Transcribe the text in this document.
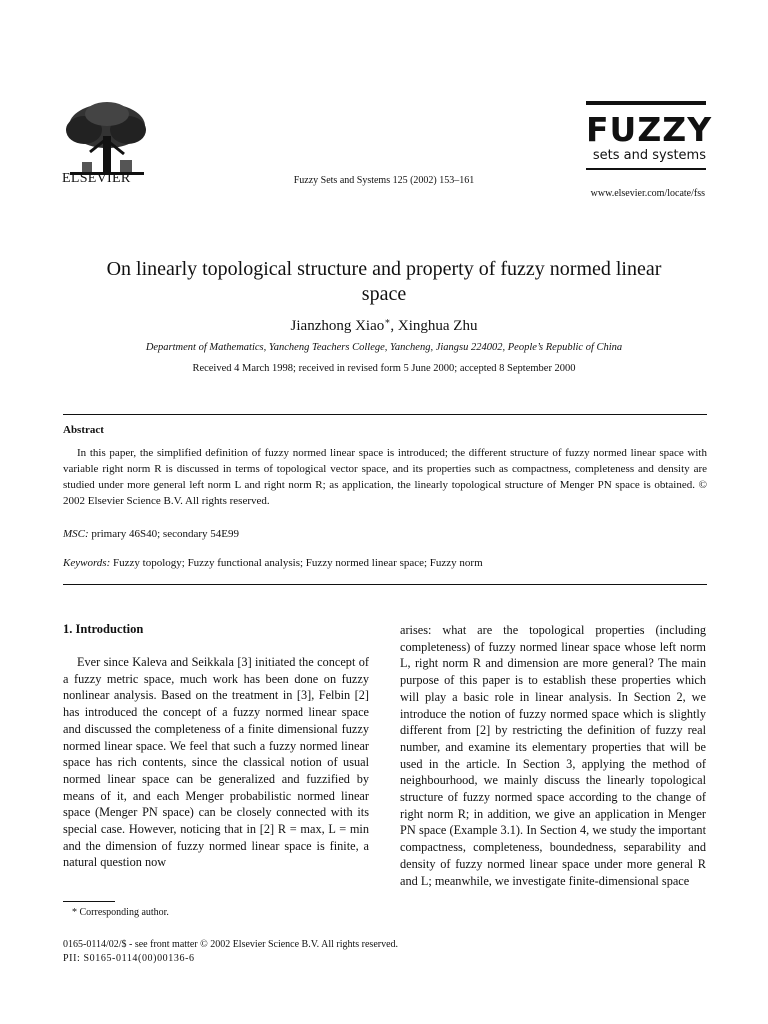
ELSEVIER	Fuzzy Sets and Systems 125 (2002) 153–161
FUZZY
sets and systems
www.elsevier.com/locate/fss
On linearly topological structure and property of fuzzy normed linear space
Jianzhong Xiao∗, Xinghua Zhu
Department of Mathematics, Yancheng Teachers College, Yancheng, Jiangsu 224002, People’s Republic of China
Received 4 March 1998; received in revised form 5 June 2000; accepted 8 September 2000
Abstract
In this paper, the simplified definition of fuzzy normed linear space is introduced; the different structure of fuzzy normed linear space with variable right norm R is discussed in terms of topological vector space, and its properties such as compactness, completeness and density are studied under more general left norm L and right norm R; as application, the linearly topological structure of Menger PN space is obtained. © 2002 Elsevier Science B.V. All rights reserved.
MSC: primary 46S40; secondary 54E99
Keywords: Fuzzy topology; Fuzzy functional analysis; Fuzzy normed linear space; Fuzzy norm
1. Introduction
Ever since Kaleva and Seikkala [3] initiated the concept of a fuzzy metric space, much work has been done on fuzzy nonlinear analysis. Based on the treatment in [3], Felbin [2] has introduced the concept of a fuzzy normed linear space and discussed the completeness of a finite dimensional fuzzy normed linear space. We feel that such a fuzzy normed linear space has rich contents, since the classical notion of usual normed linear space can be generalized and fuzzified by means of it, and each Menger probabilistic normed linear space (Menger PN space) can be closely connected with its special case. However, noticing that in [2] R = max, L = min and the dimension of fuzzy normed linear space is finite, a natural question now
arises: what are the topological properties (including completeness) of fuzzy normed linear space whose left norm L, right norm R and dimension are more general? The main purpose of this paper is to establish these properties which will play a basic role in linear analysis. In Section 2, we introduce the notion of fuzzy normed space which is slightly different from [2] by restricting the definition of fuzzy real number, and examine its elementary properties that will be used in the article. In Section 3, applying the method of neighbourhood, we mainly discuss the linearly topological structure of fuzzy normed space according to the change of right norm R; in addition, we give an application in Menger PN space (Example 3.1). In Section 4, we study the important compactness, completeness, boundedness, separability and density of fuzzy normed linear space under more general R and L; meanwhile, we investigate finite-dimensional space
* Corresponding author.
0165-0114/02/$ - see front matter © 2002 Elsevier Science B.V. All rights reserved.
PII: S0165-0114(00)00136-6
